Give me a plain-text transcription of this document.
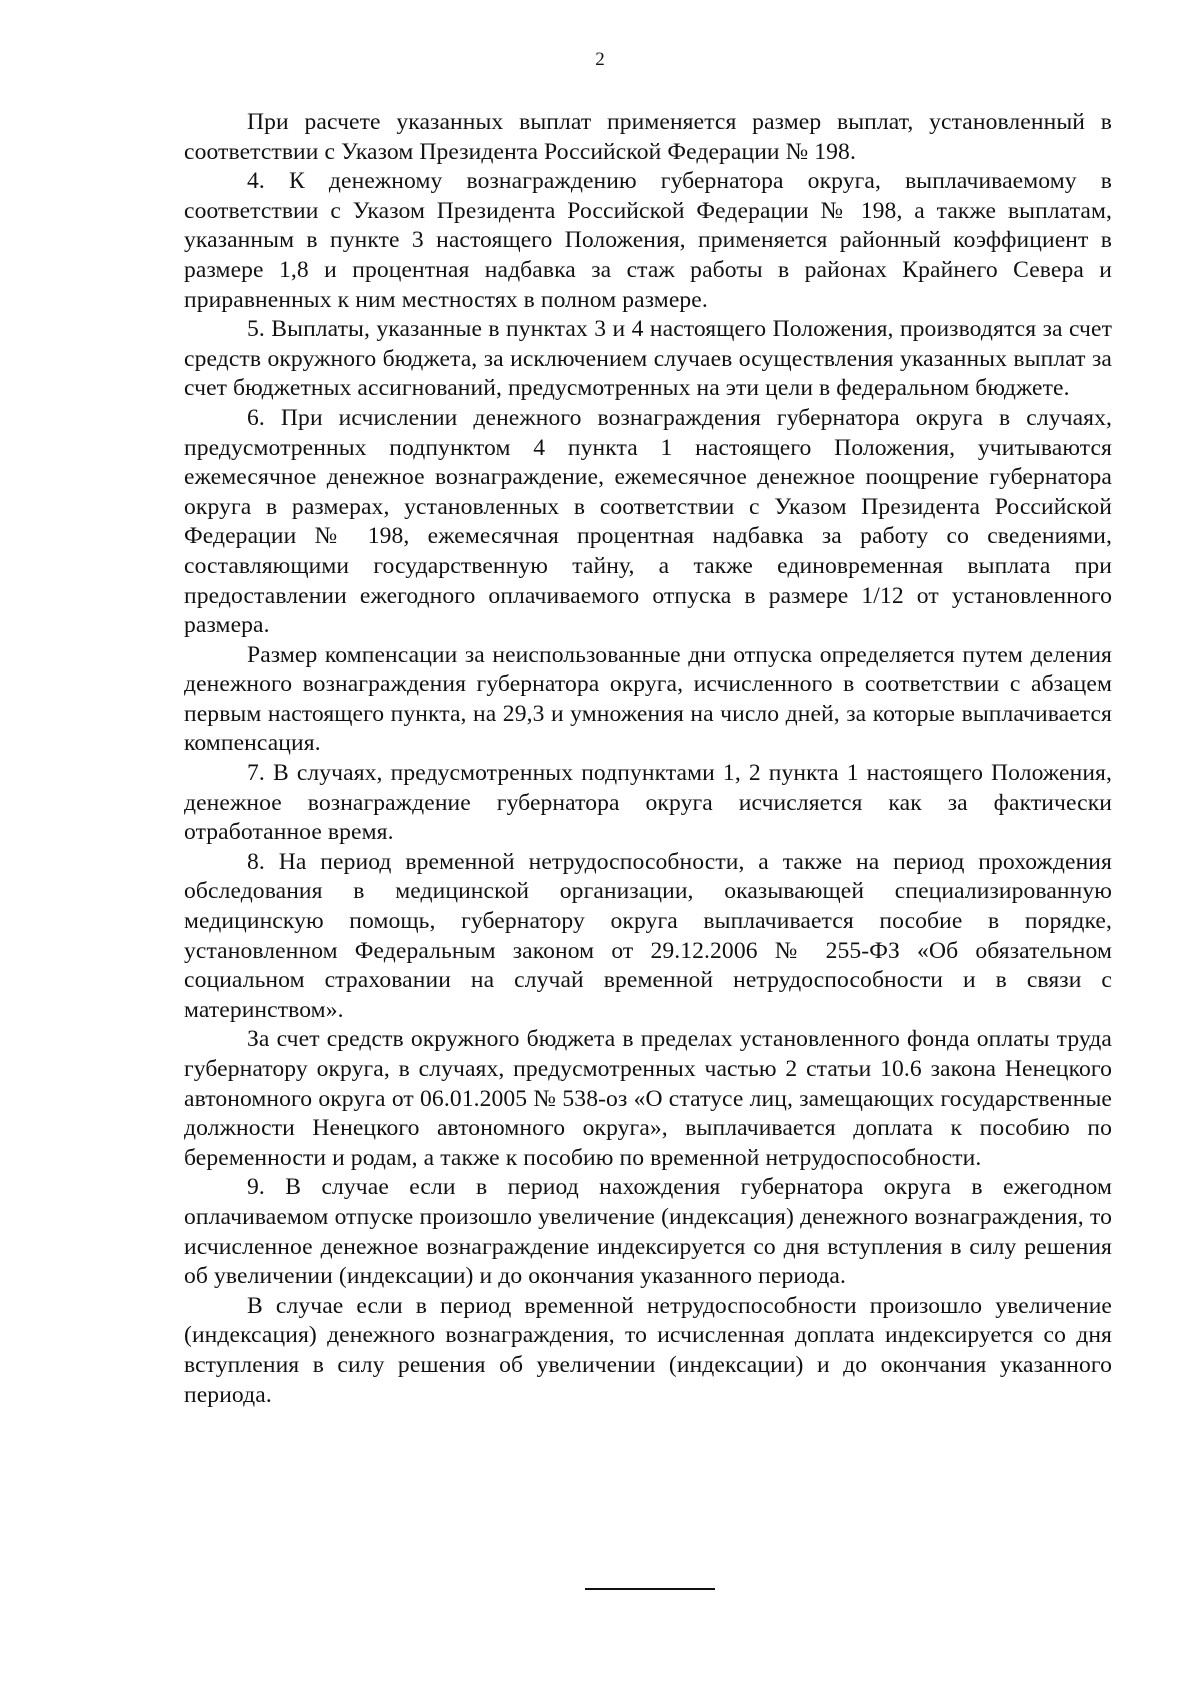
2

При расчете указанных выплат применяется размер выплат, установленный в соответствии с Указом Президента Российской Федерации № 198.

4. К денежному вознаграждению губернатора округа, выплачиваемому в соответствии с Указом Президента Российской Федерации № 198, а также выплатам, указанным в пункте 3 настоящего Положения, применяется районный коэффициент в размере 1,8 и процентная надбавка за стаж работы в районах Крайнего Севера и приравненных к ним местностях в полном размере.

5. Выплаты, указанные в пунктах 3 и 4 настоящего Положения, производятся за счет средств окружного бюджета, за исключением случаев осуществления указанных выплат за счет бюджетных ассигнований, предусмотренных на эти цели в федеральном бюджете.

6. При исчислении денежного вознаграждения губернатора округа в случаях, предусмотренных подпунктом 4 пункта 1 настоящего Положения, учитываются ежемесячное денежное вознаграждение, ежемесячное денежное поощрение губернатора округа в размерах, установленных в соответствии с Указом Президента Российской Федерации № 198, ежемесячная процентная надбавка за работу со сведениями, составляющими государственную тайну, а также единовременная выплата при предоставлении ежегодного оплачиваемого отпуска в размере 1/12 от установленного размера.

Размер компенсации за неиспользованные дни отпуска определяется путем деления денежного вознаграждения губернатора округа, исчисленного в соответствии с абзацем первым настоящего пункта, на 29,3 и умножения на число дней, за которые выплачивается компенсация.

7. В случаях, предусмотренных подпунктами 1, 2 пункта 1 настоящего Положения, денежное вознаграждение губернатора округа исчисляется как за фактически отработанное время.

8. На период временной нетрудоспособности, а также на период прохождения обследования в медицинской организации, оказывающей специализированную медицинскую помощь, губернатору округа выплачивается пособие в порядке, установленном Федеральным законом от 29.12.2006 № 255-ФЗ «Об обязательном социальном страховании на случай временной нетрудоспособности и в связи с материнством».

За счет средств окружного бюджета в пределах установленного фонда оплаты труда губернатору округа, в случаях, предусмотренных частью 2 статьи 10.6 закона Ненецкого автономного округа от 06.01.2005 № 538-оз «О статусе лиц, замещающих государственные должности Ненецкого автономного округа», выплачивается доплата к пособию по беременности и родам, а также к пособию по временной нетрудоспособности.

9. В случае если в период нахождения губернатора округа в ежегодном оплачиваемом отпуске произошло увеличение (индексация) денежного вознаграждения, то исчисленное денежное вознаграждение индексируется со дня вступления в силу решения об увеличении (индексации) и до окончания указанного периода.

В случае если в период временной нетрудоспособности произошло увеличение (индексация) денежного вознаграждения, то исчисленная доплата индексируется со дня вступления в силу решения об увеличении (индексации) и до окончания указанного периода.
